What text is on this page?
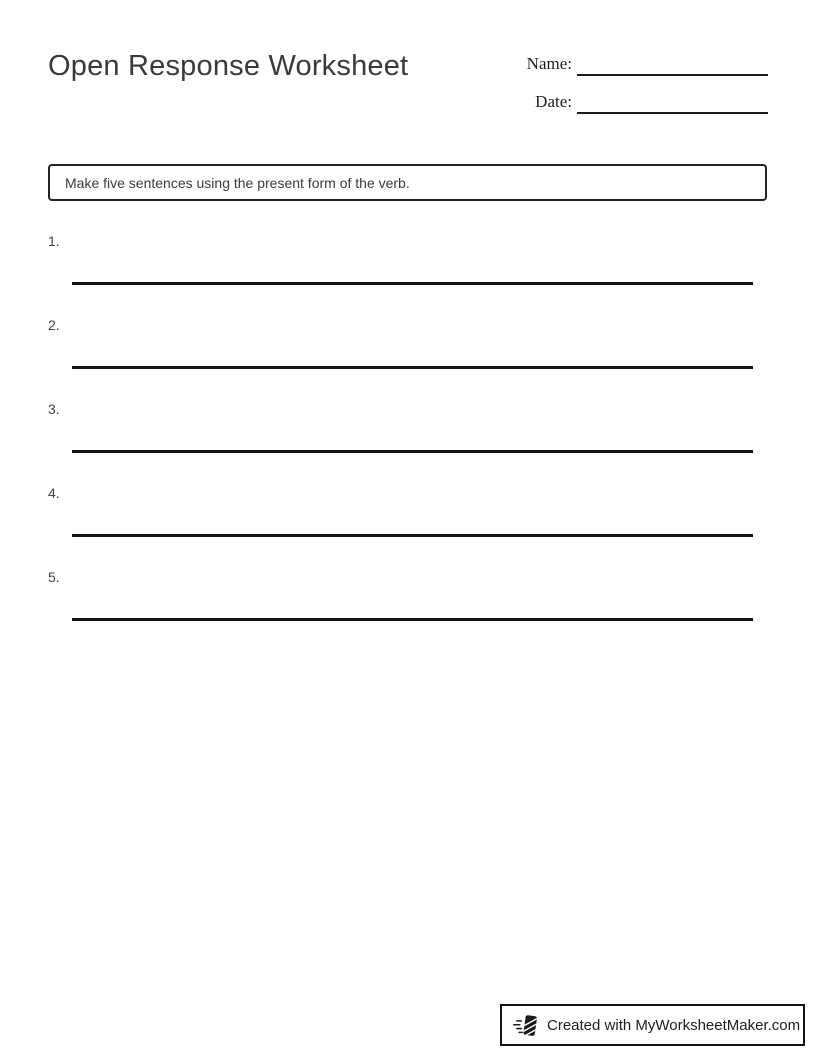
Open Response Worksheet	Name:
Date:
Make five sentences using the present form of the verb.
1.
2.
3.
4.
5.
Created with MyWorksheetMaker.com
